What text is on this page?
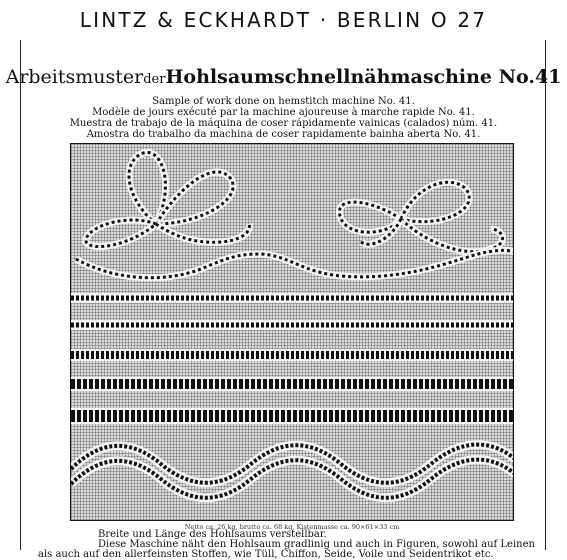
LINTZ & ECKHARDT · BERLIN O 27
ArbeitsmusterderHohlsaumschnellnähmaschine No.41
Sample of work done on hemstitch machine No. 41.
Modèle de jours exécuté par la machine ajoureuse à marche rapide No. 41.
Muestra de trabajo de la máquina de coser rápidamente vainicas (calados) núm. 41.
Amostra do trabalho da machina de coser rapidamente bainha aberta No. 41.
Netto ca. 26 kg, brutto ca. 68 kg, Kistenmasse ca. 90×61×33 cm
Breite und Länge des Hohlsaums verstellbar.
Diese Maschine näht den Hohlsaum gradlinig und auch in Figuren, sowohl auf Leinen
als auch auf den allerfeinsten Stoffen, wie Tüll, Chiffon, Seide, Voile und Seidentrikot etc.
